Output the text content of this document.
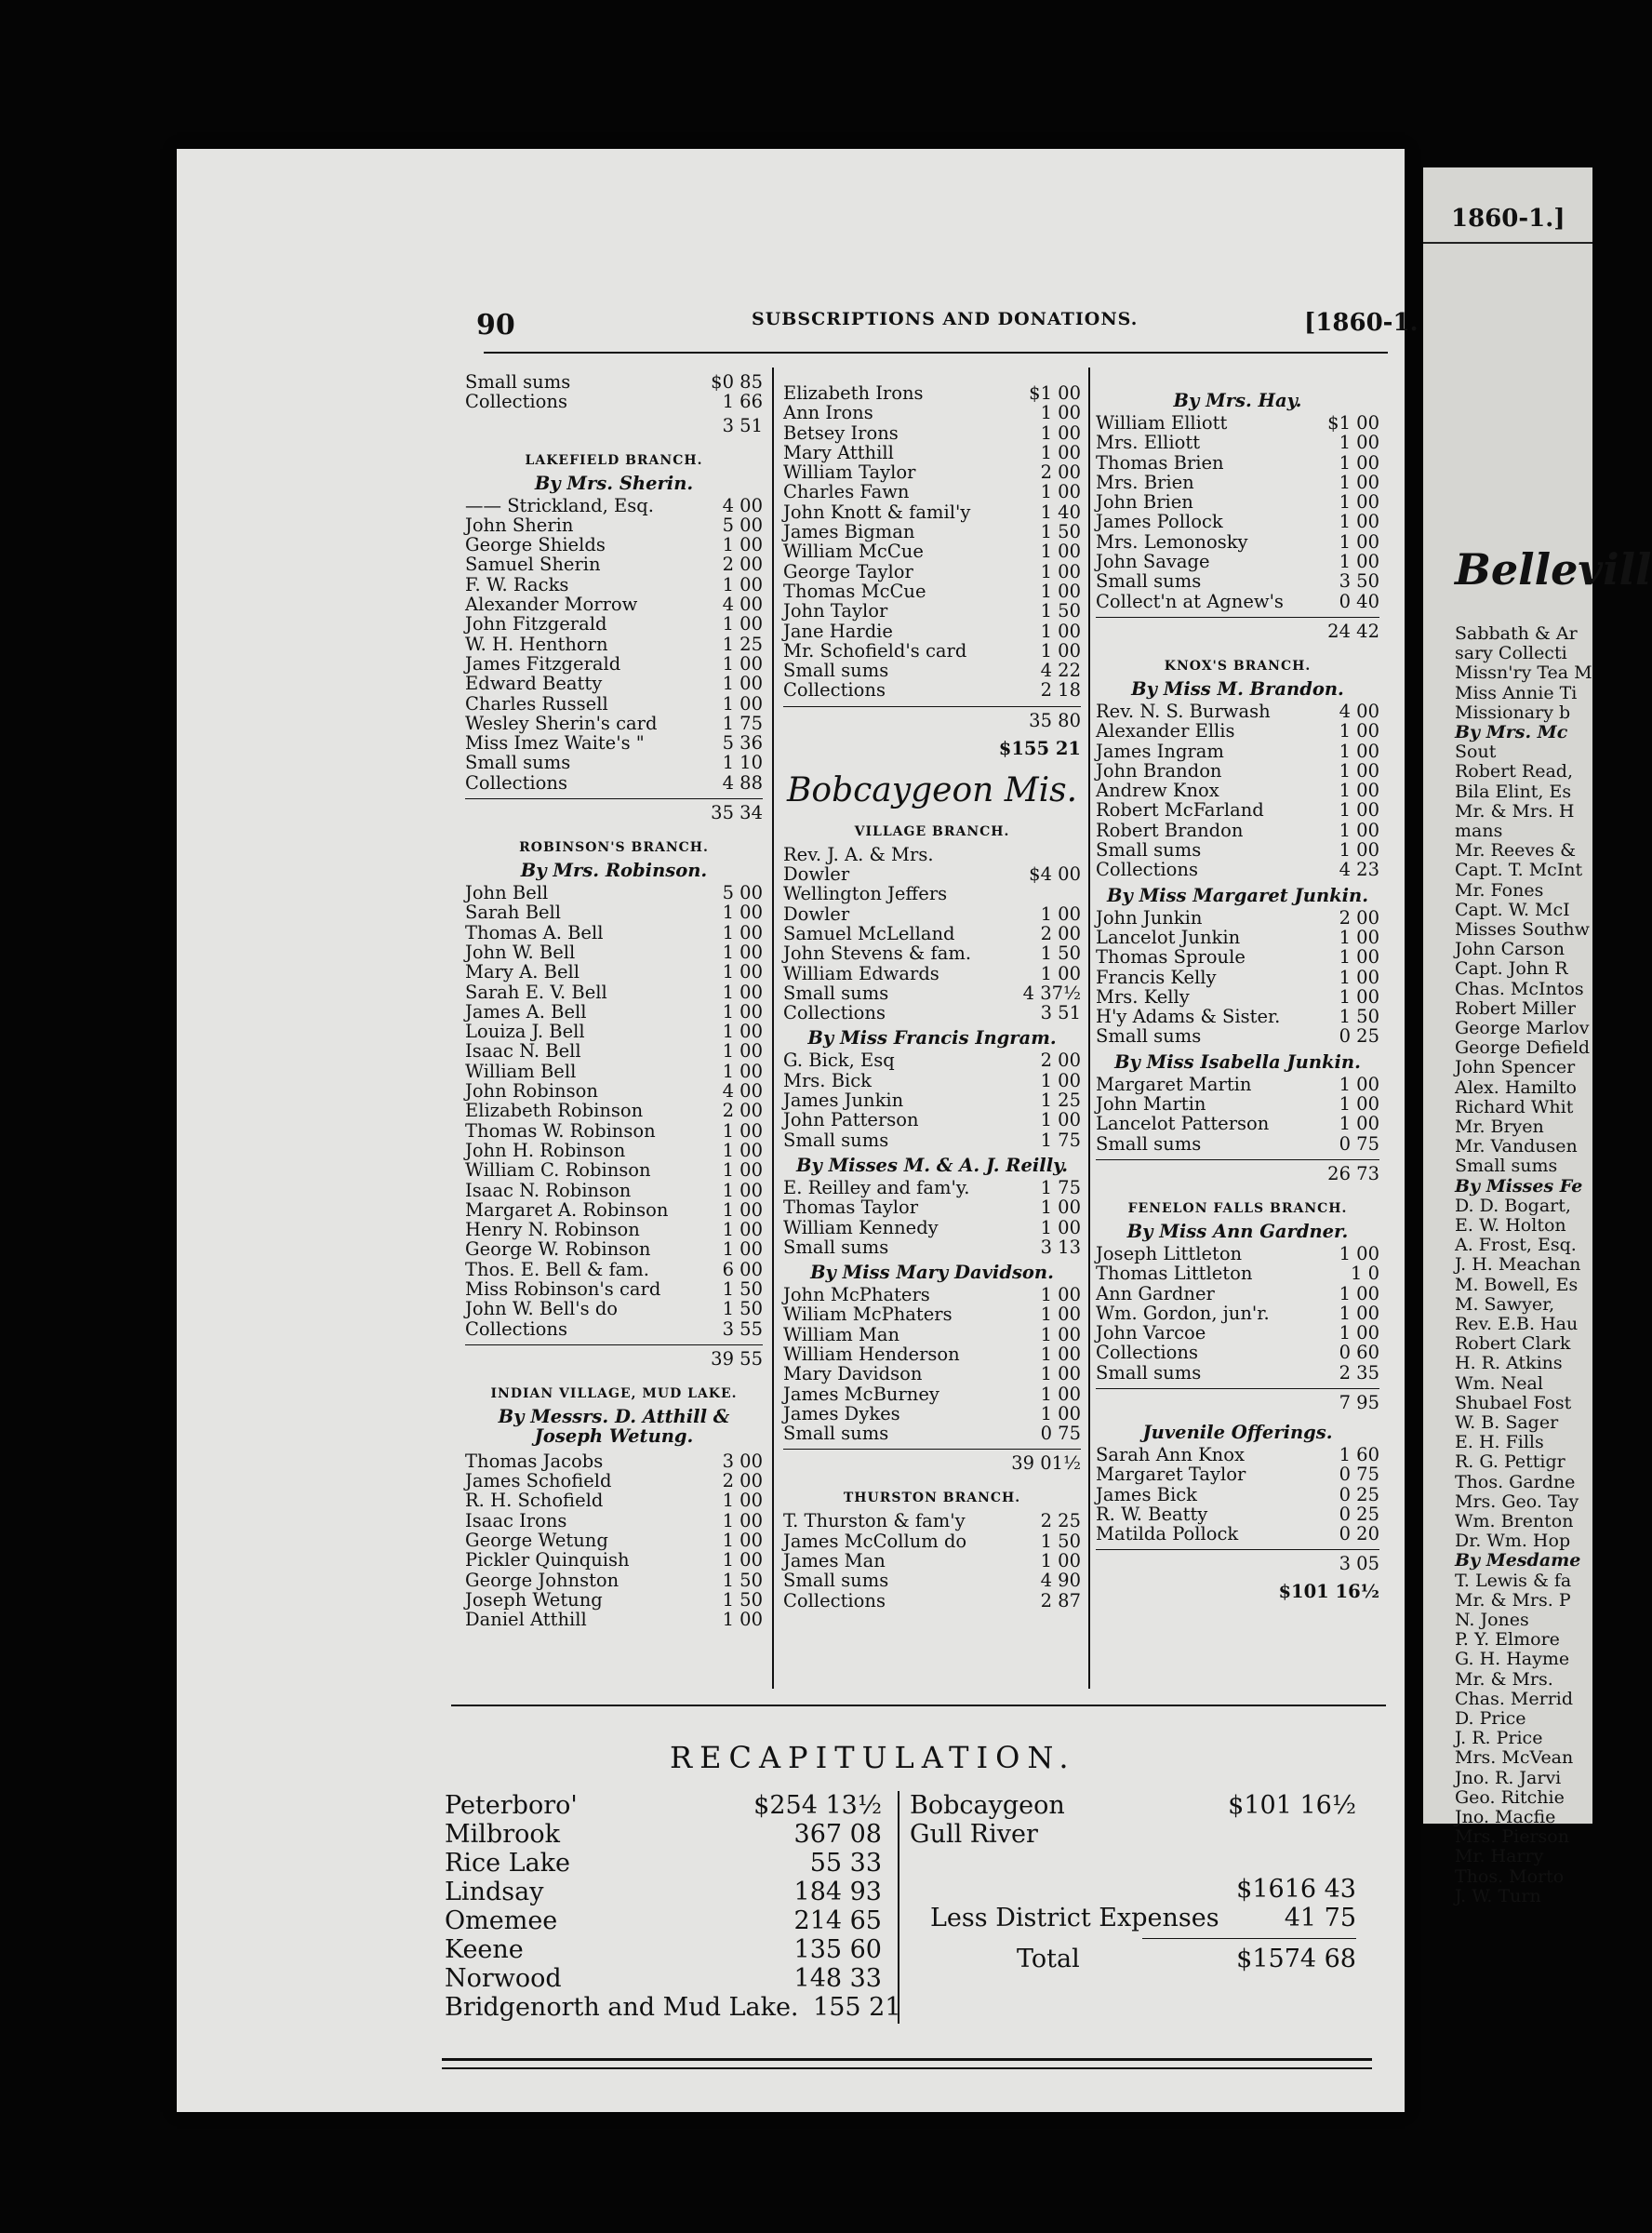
1860-1.]
Bellevill
Sabbath & Ar
sary Collecti
Missn'ry Tea M
Miss Annie Ti
Missionary b
By Mrs. Mc
Sout
Robert Read,
Bila Elint, Es
Mr. & Mrs. H
mans
Mr. Reeves &
Capt. T. McInt
Mr. Fones
Capt. W. McI
Misses Southw
John Carson
Capt. John R
Chas. McIntos
Robert Miller
George Marlov
George Defield
John Spencer
Alex. Hamilto
Richard Whit
Mr. Bryen
Mr. Vandusen
Small sums
By Misses Fe
D. D. Bogart,
E. W. Holton
A. Frost, Esq.
J. H. Meachan
M. Bowell, Es
M. Sawyer,
Rev. E.B. Hau
Robert Clark
H. R. Atkins
Wm. Neal
Shubael Fost
W. B. Sager
E. H. Fills
R. G. Pettigr
Thos. Gardne
Mrs. Geo. Tay
Wm. Brenton
Dr. Wm. Hop
By Mesdame
T. Lewis & fa
Mr. & Mrs. P
N. Jones
P. Y. Elmore
G. H. Hayme
Mr. & Mrs.
Chas. Merrid
D. Price
J. R. Price
Mrs. McVean
Jno. R. Jarvi
Geo. Ritchie
Jno. Macfie
Mrs. Pierson
Mr. Harry
Thos. Morto
J. W. Turn
90	SUBSCRIPTIONS AND DONATIONS.	[1860-1.
Small sums	$0 85
Collections	1 66
3 51
LAKEFIELD BRANCH.
By Mrs. Sherin.
—— Strickland, Esq.	4 00
John Sherin	5 00
George Shields	1 00
Samuel Sherin	2 00
F. W. Racks	1 00
Alexander Morrow	4 00
John Fitzgerald	1 00
W. H. Henthorn	1 25
James Fitzgerald	1 00
Edward Beatty	1 00
Charles Russell	1 00
Wesley Sherin's card	1 75
Miss Imez Waite's "	5 36
Small sums	1 10
Collections	4 88
35 34
ROBINSON'S BRANCH.
By Mrs. Robinson.
John Bell	5 00
Sarah Bell	1 00
Thomas A. Bell	1 00
John W. Bell	1 00
Mary A. Bell	1 00
Sarah E. V. Bell	1 00
James A. Bell	1 00
Louiza J. Bell	1 00
Isaac N. Bell	1 00
William Bell	1 00
John Robinson	4 00
Elizabeth Robinson	2 00
Thomas W. Robinson	1 00
John H. Robinson	1 00
William C. Robinson	1 00
Isaac N. Robinson	1 00
Margaret A. Robinson	1 00
Henry N. Robinson	1 00
George W. Robinson	1 00
Thos. E. Bell & fam.	6 00
Miss Robinson's card	1 50
John W. Bell's do	1 50
Collections	3 55
39 55
INDIAN VILLAGE, MUD LAKE.
By Messrs. D. Atthill & Joseph Wetung.
Thomas Jacobs	3 00
James Schofield	2 00
R. H. Schofield	1 00
Isaac Irons	1 00
George Wetung	1 00
Pickler Quinquish	1 00
George Johnston	1 50
Joseph Wetung	1 50
Daniel Atthill	1 00
Elizabeth Irons	$1 00
Ann Irons	1 00
Betsey Irons	1 00
Mary Atthill	1 00
William Taylor	2 00
Charles Fawn	1 00
John Knott & famil'y	1 40
James Bigman	1 50
William McCue	1 00
George Taylor	1 00
Thomas McCue	1 00
John Taylor	1 50
Jane Hardie	1 00
Mr. Schofield's card	1 00
Small sums	4 22
Collections	2 18
35 80
$155 21
Bobcaygeon Mis.
VILLAGE BRANCH.
Rev. J. A. & Mrs.
Dowler	$4 00
Wellington Jeffers
Dowler	1 00
Samuel McLelland	2 00
John Stevens & fam.	1 50
William Edwards	1 00
Small sums	4 37½
Collections	3 51
By Miss Francis Ingram.
G. Bick, Esq	2 00
Mrs. Bick	1 00
James Junkin	1 25
John Patterson	1 00
Small sums	1 75
By Misses M. & A. J. Reilly.
E. Reilley and fam'y.	1 75
Thomas Taylor	1 00
William Kennedy	1 00
Small sums	3 13
By Miss Mary Davidson.
John McPhaters	1 00
Wiliam McPhaters	1 00
William Man	1 00
William Henderson	1 00
Mary Davidson	1 00
James McBurney	1 00
James Dykes	1 00
Small sums	0 75
39 01½
THURSTON BRANCH.
T. Thurston & fam'y	2 25
James McCollum do	1 50
James Man	1 00
Small sums	4 90
Collections	2 87
By Mrs. Hay.
William Elliott	$1 00
Mrs. Elliott	1 00
Thomas Brien	1 00
Mrs. Brien	1 00
John Brien	1 00
James Pollock	1 00
Mrs. Lemonosky	1 00
John Savage	1 00
Small sums	3 50
Collect'n at Agnew's	0 40
24 42
KNOX'S BRANCH.
By Miss M. Brandon.
Rev. N. S. Burwash	4 00
Alexander Ellis	1 00
James Ingram	1 00
John Brandon	1 00
Andrew Knox	1 00
Robert McFarland	1 00
Robert Brandon	1 00
Small sums	1 00
Collections	4 23
By Miss Margaret Junkin.
John Junkin	2 00
Lancelot Junkin	1 00
Thomas Sproule	1 00
Francis Kelly	1 00
Mrs. Kelly	1 00
H'y Adams & Sister.	1 50
Small sums	0 25
By Miss Isabella Junkin.
Margaret Martin	1 00
John Martin	1 00
Lancelot Patterson	1 00
Small sums	0 75
26 73
FENELON FALLS BRANCH.
By Miss Ann Gardner.
Joseph Littleton	1 00
Thomas Littleton	1 0
Ann Gardner	1 00
Wm. Gordon, jun'r.	1 00
John Varcoe	1 00
Collections	0 60
Small sums	2 35
7 95
Juvenile Offerings.
Sarah Ann Knox	1 60
Margaret Taylor	0 75
James Bick	0 25
R. W. Beatty	0 25
Matilda Pollock	0 20
3 05
$101 16½
RECAPITULATION.
Peterboro'	$254 13½
Milbrook	367 08
Rice Lake	55 33
Lindsay	184 93
Omemee	214 65
Keene	135 60
Norwood	148 33
Bridgenorth and Mud Lake. 155 21
Bobcaygeon	$101 16½
Gull River
$1616 43
Less District Expenses	41 75
Total	$1574 68
